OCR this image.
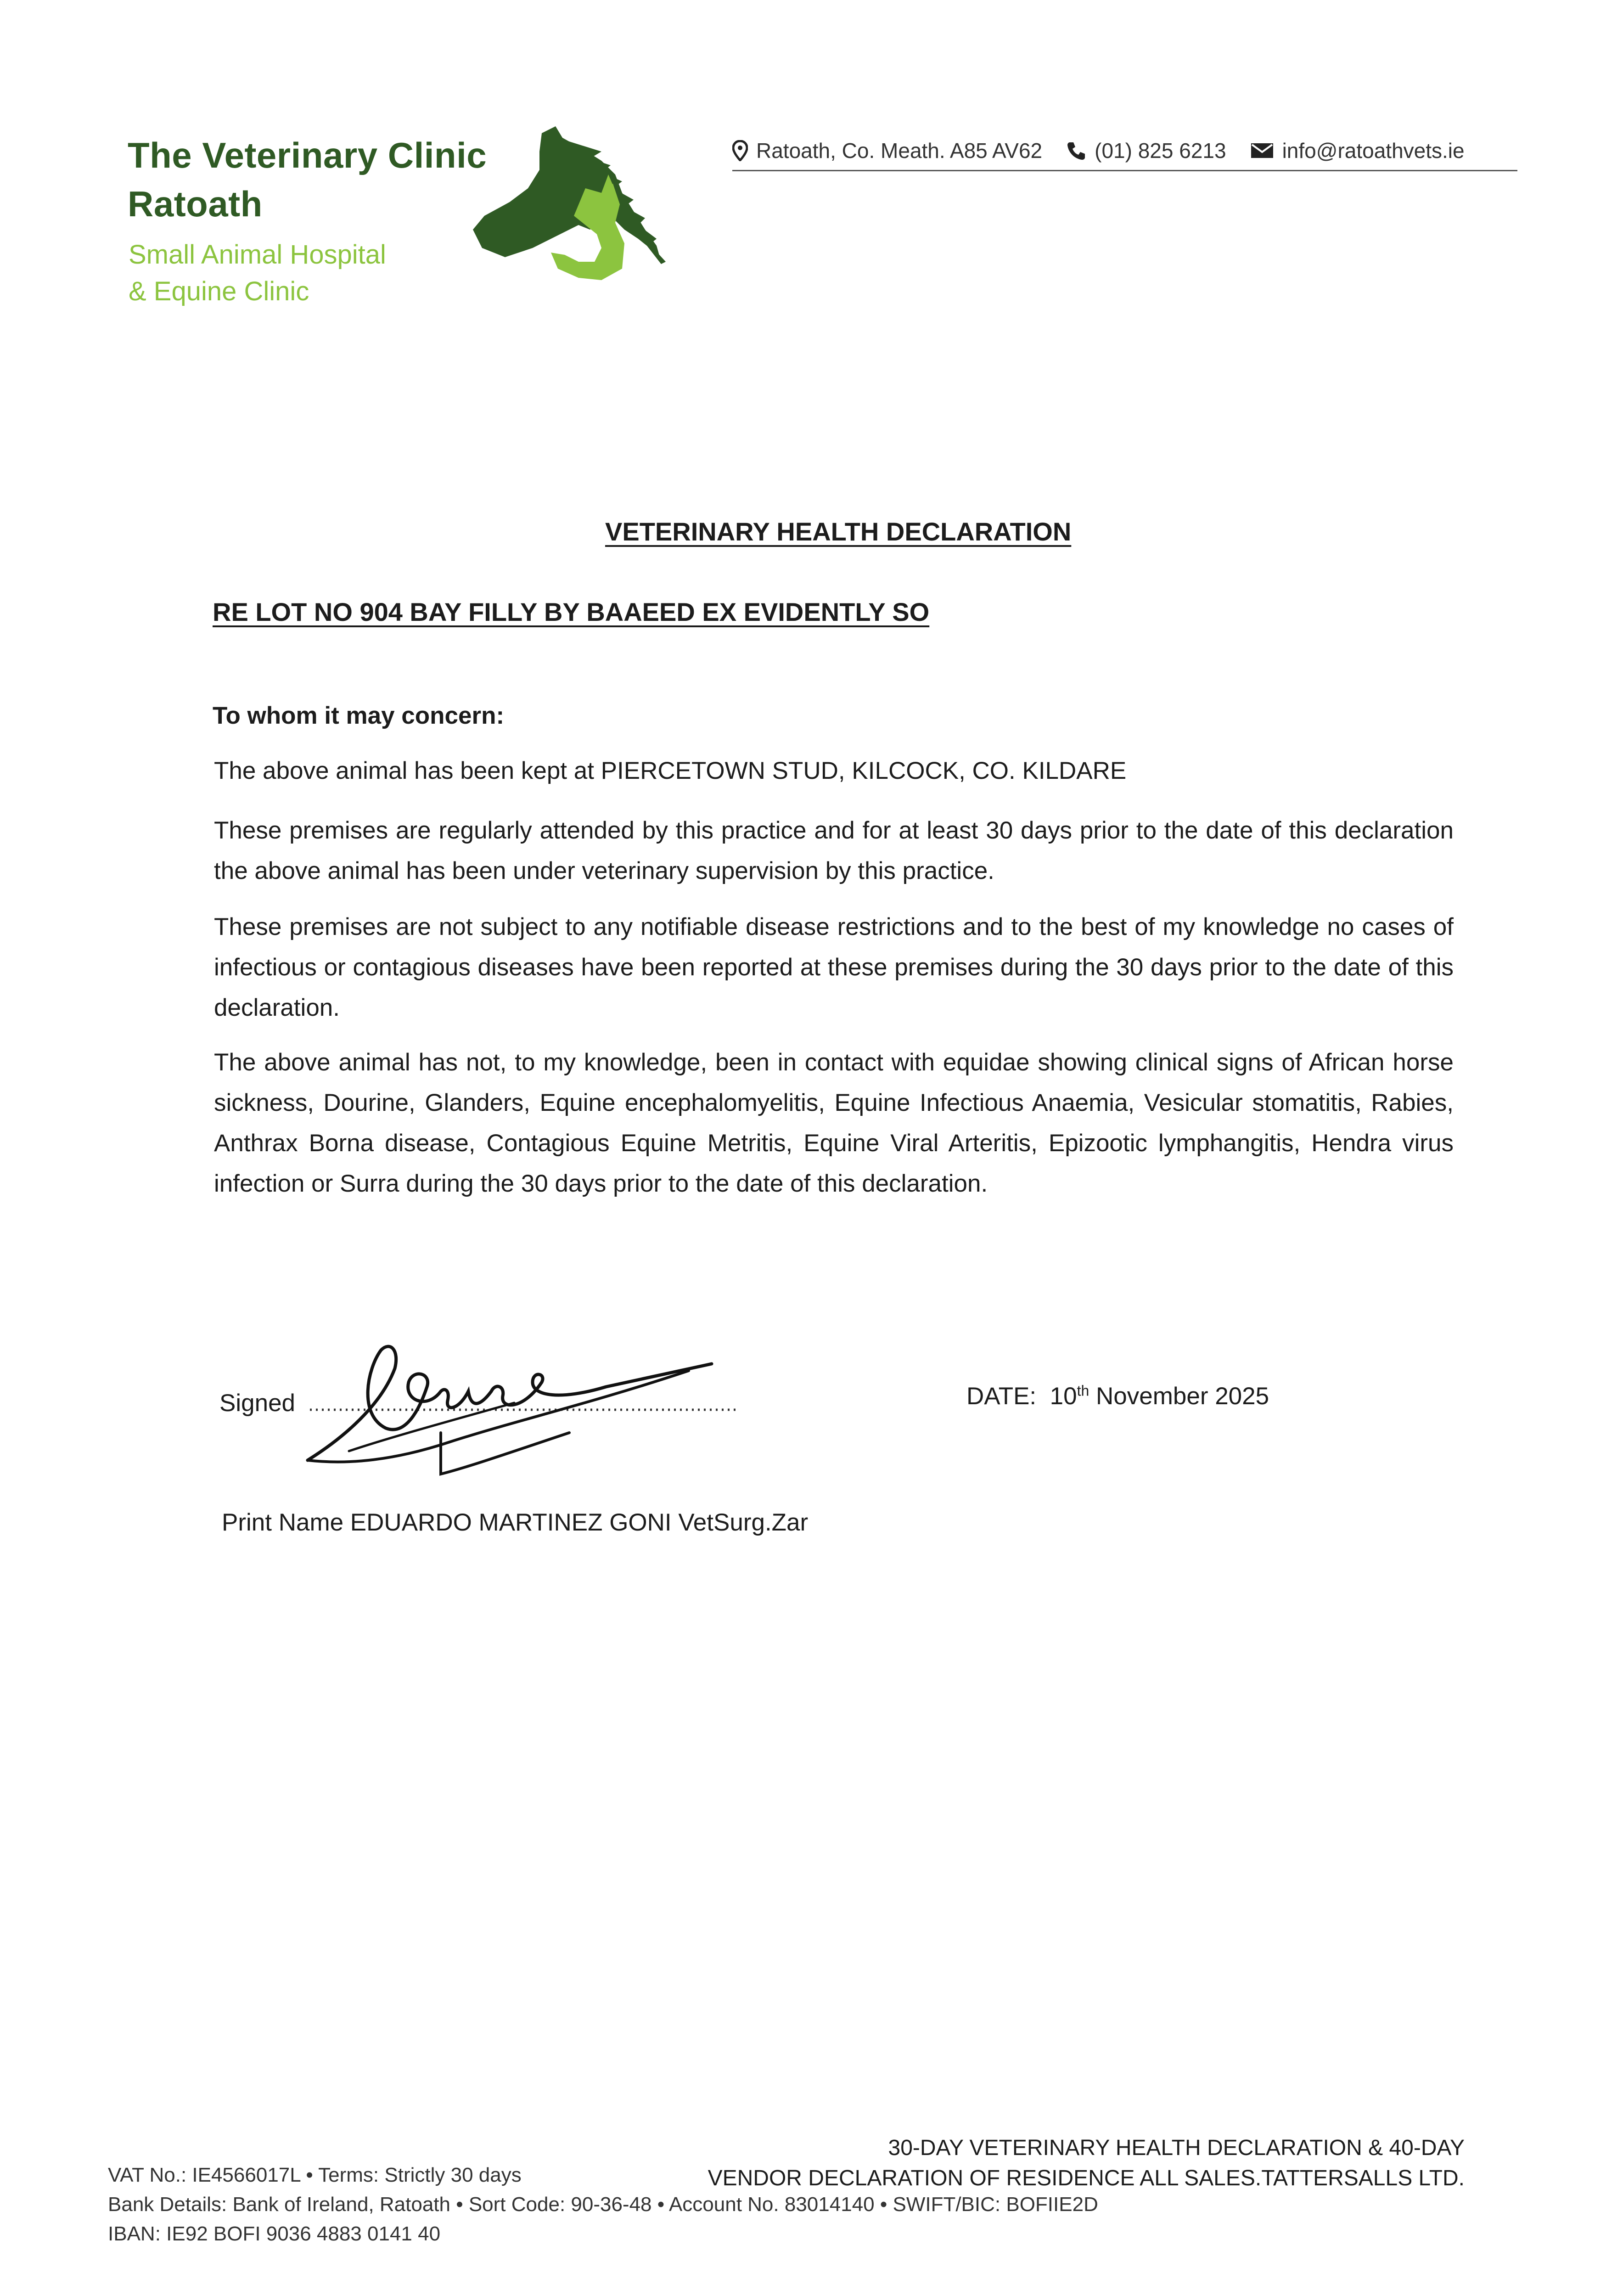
The Veterinary Clinic
Ratoath
Small Animal Hospital
& Equine Clinic
Ratoath, Co. Meath. A85 AV62 (01) 825 6213	info@ratoathvets.ie
VETERINARY HEALTH DECLARATION
RE LOT NO 904 BAY FILLY BY BAAEED EX EVIDENTLY SO
To whom it may concern:
The above animal has been kept at PIERCETOWN STUD, KILCOCK, CO. KILDARE
These premises are regularly attended by this practice and for at least 30 days prior to the date of this declaration the above animal has been under veterinary supervision by this practice.
These premises are not subject to any notifiable disease restrictions and to the best of my knowledge no cases of infectious or contagious diseases have been reported at these premises during the 30 days prior to the date of this declaration.
The above animal has not, to my knowledge, been in contact with equidae showing clinical signs of African horse sickness, Dourine, Glanders, Equine encephalomyelitis, Equine Infectious Anaemia, Vesicular stomatitis, Rabies, Anthrax Borna disease, Contagious Equine Metritis, Equine Viral Arteritis, Epizootic lymphangitis, Hendra virus infection or Surra during the 30 days prior to the date of this declaration.
Signed	DATE: 10th November 2025
Print Name EDUARDO MARTINEZ GONI VetSurg.Zar
30-DAY VETERINARY HEALTH DECLARATION & 40-DAY
VENDOR DECLARATION OF RESIDENCE ALL SALES.TATTERSALLS LTD.
VAT No.: IE4566017L • Terms: Strictly 30 days
Bank Details: Bank of Ireland, Ratoath • Sort Code: 90-36-48 • Account No. 83014140 • SWIFT/BIC: BOFIIE2D
IBAN: IE92 BOFI 9036 4883 0141 40
